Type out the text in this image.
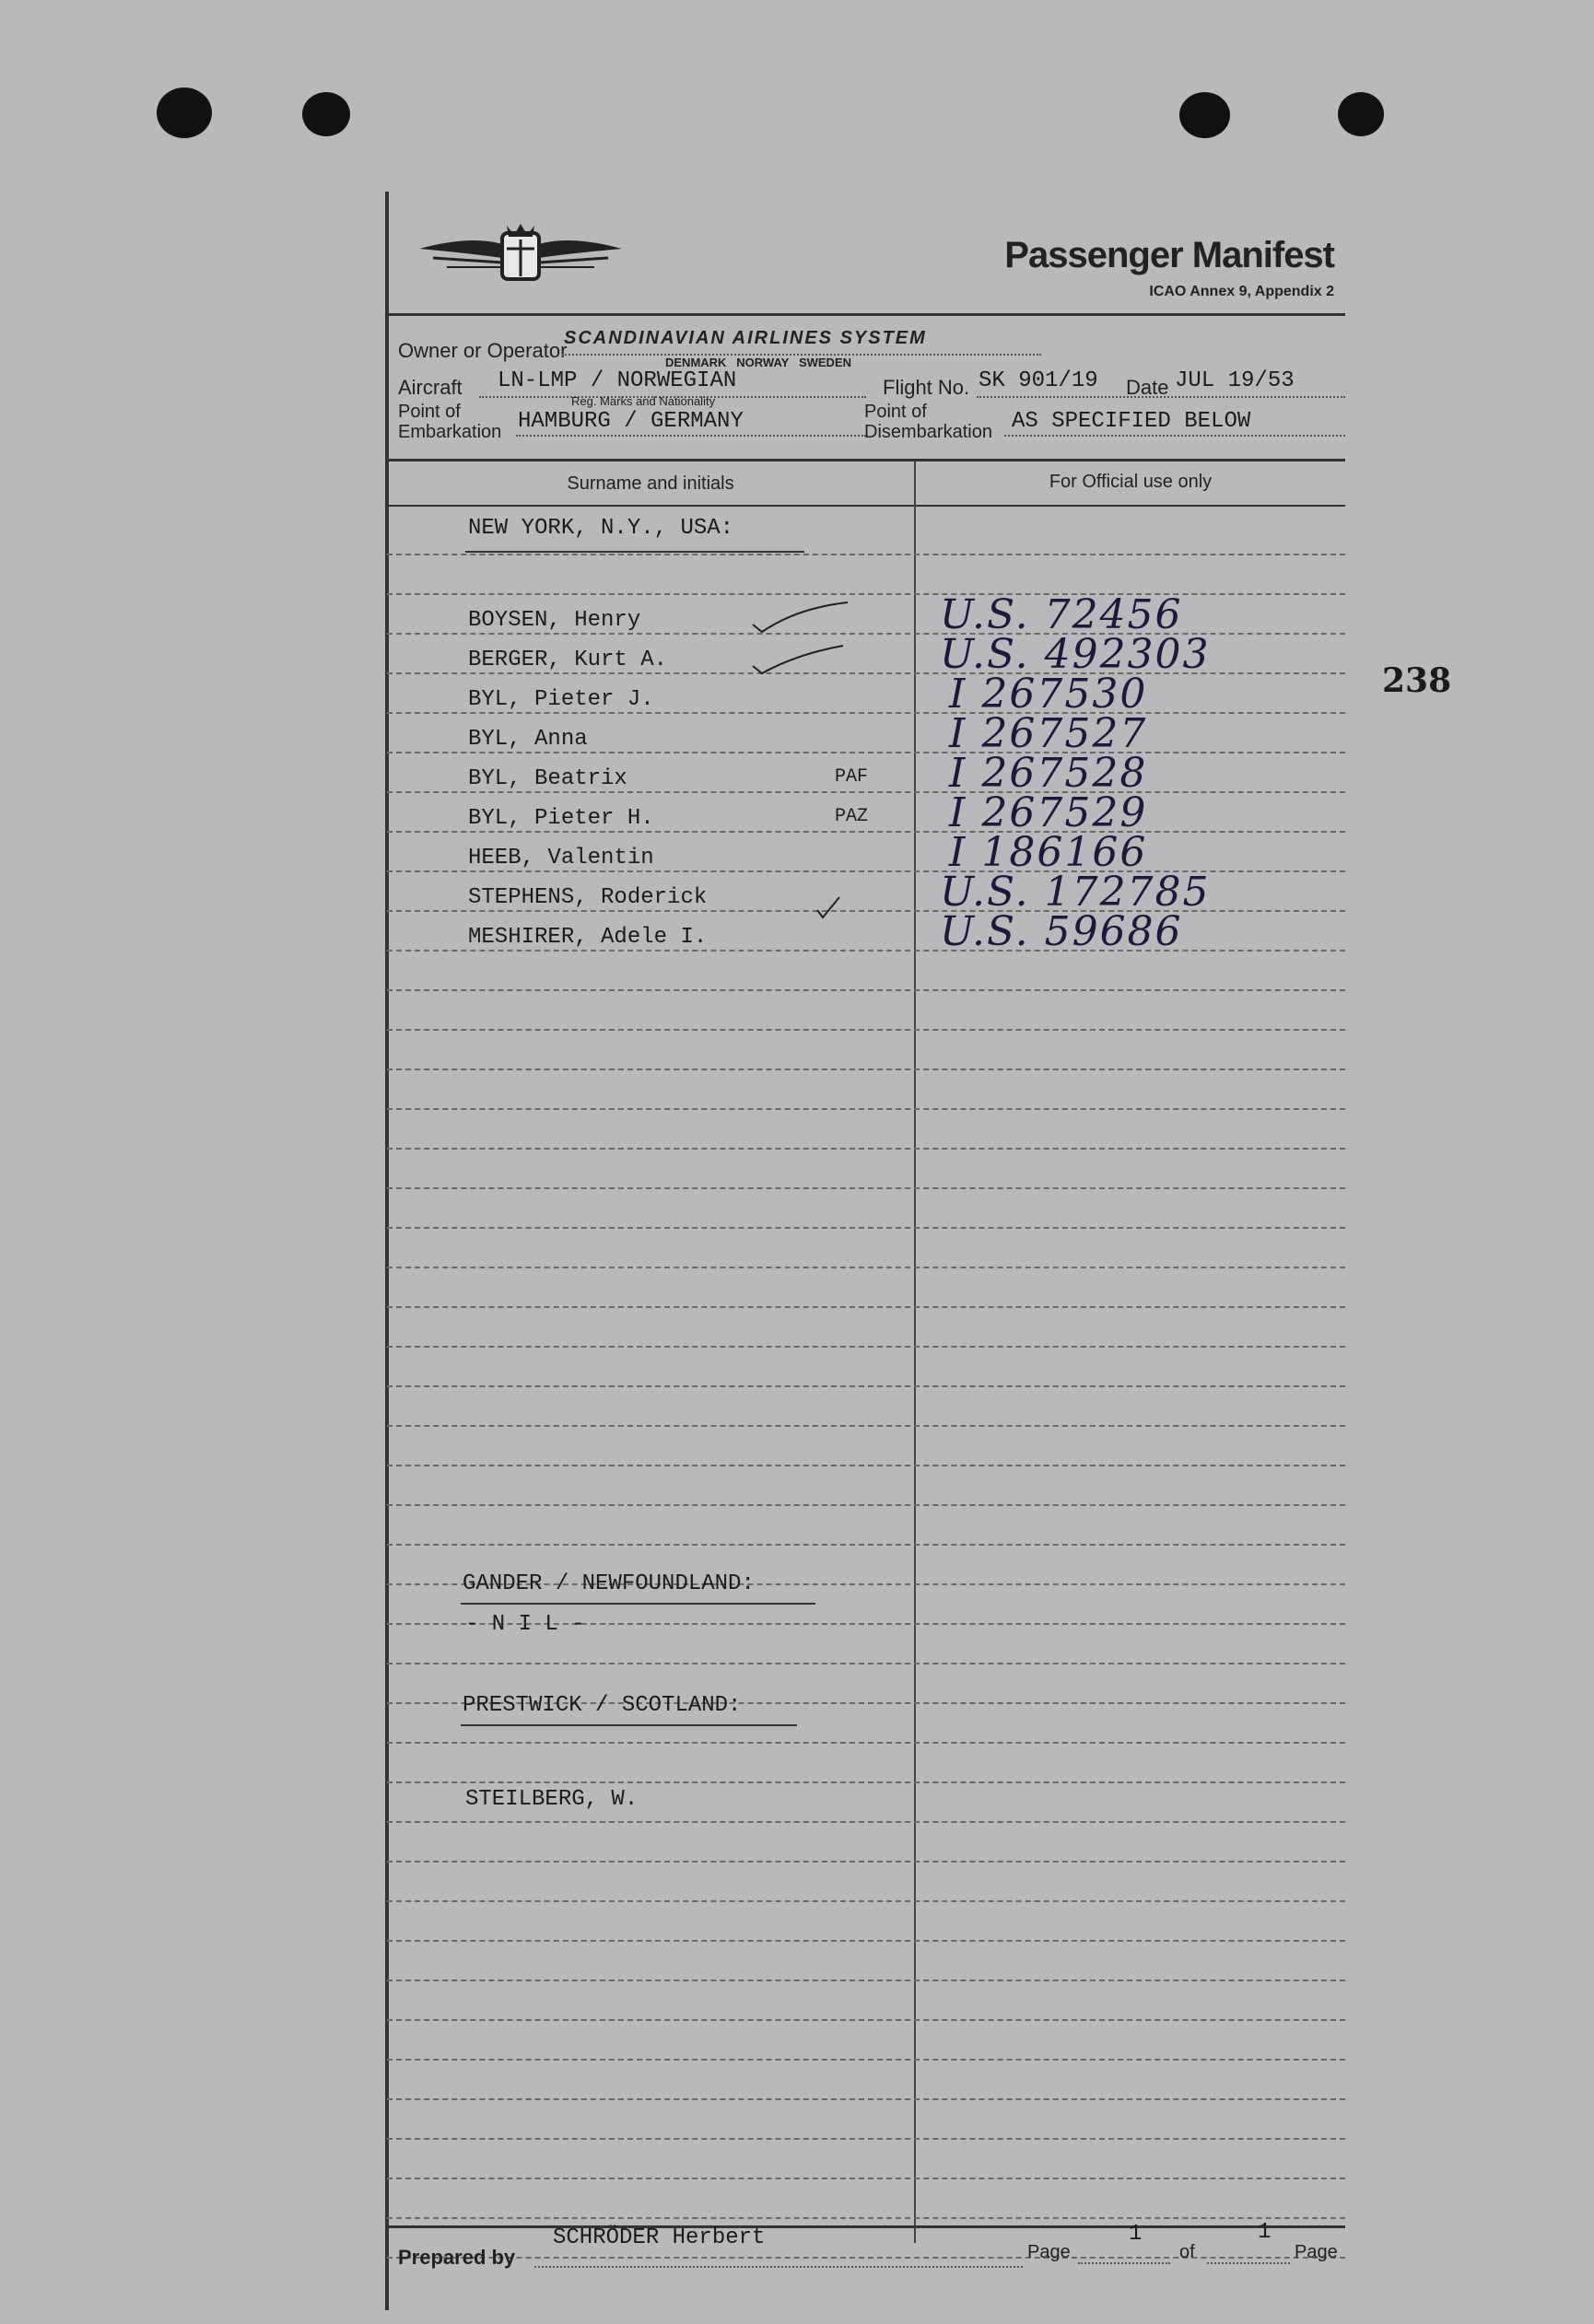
Passenger Manifest
ICAO Annex 9, Appendix 2
238
Owner or Operator
SCANDINAVIAN AIRLINES SYSTEM
DENMARK   NORWAY   SWEDEN
Aircraft LN-LMP / NORWEGIAN
Reg. Marks and Nationality
Flight No. SK 901/19 Date JUL 19/53
Point of
Embarkation HAMBURG / GERMANY	Point of
Disembarkation AS SPECIFIED BELOW
Surname and initials	For Official use only
NEW YORK, N.Y., USA:
BOYSEN, Henry	U.S. 72456
BERGER, Kurt A.	U.S. 492303
BYL, Pieter J.	I 267530
BYL, Anna	I 267527
BYL, Beatrix	PAF I 267528
BYL, Pieter H.	PAZ I 267529
HEEB, Valentin	I 186166
STEPHENS, Roderick	U.S. 172785
MESHIRER, Adele I.	U.S. 59686
GANDER / NEWFOUNDLAND:
- N I L -
PRESTWICK / SCOTLAND:
STEILBERG, W.
Prepared by
SCHRÖDER Herbert
Page
1
of
1
Page
